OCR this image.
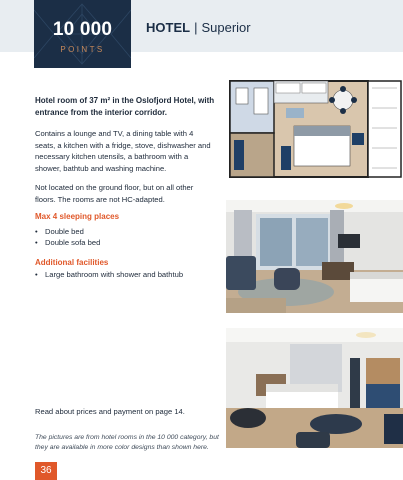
10 000
POINTS
HOTEL | Superior
Hotel room of 37 m² in the Oslofjord Hotel, with entrance from the interior corridor.
Contains a lounge and TV, a dining table with 4 seats, a kitchen with a fridge, stove, dishwasher and necessary kitchen utensils, a bathroom with a shower, bathtub and washing machine.
Not located on the ground floor, but on all other floors. The rooms are not HC-adapted.
Max 4 sleeping places
• Double bed
• Double sofa bed
Additional facilities
• Large bathroom with shower and bathtub
Read about prices and payment on page 14.
The pictures are from hotel rooms in the 10 000 category, but they are available in more color designs than shown here.
36
